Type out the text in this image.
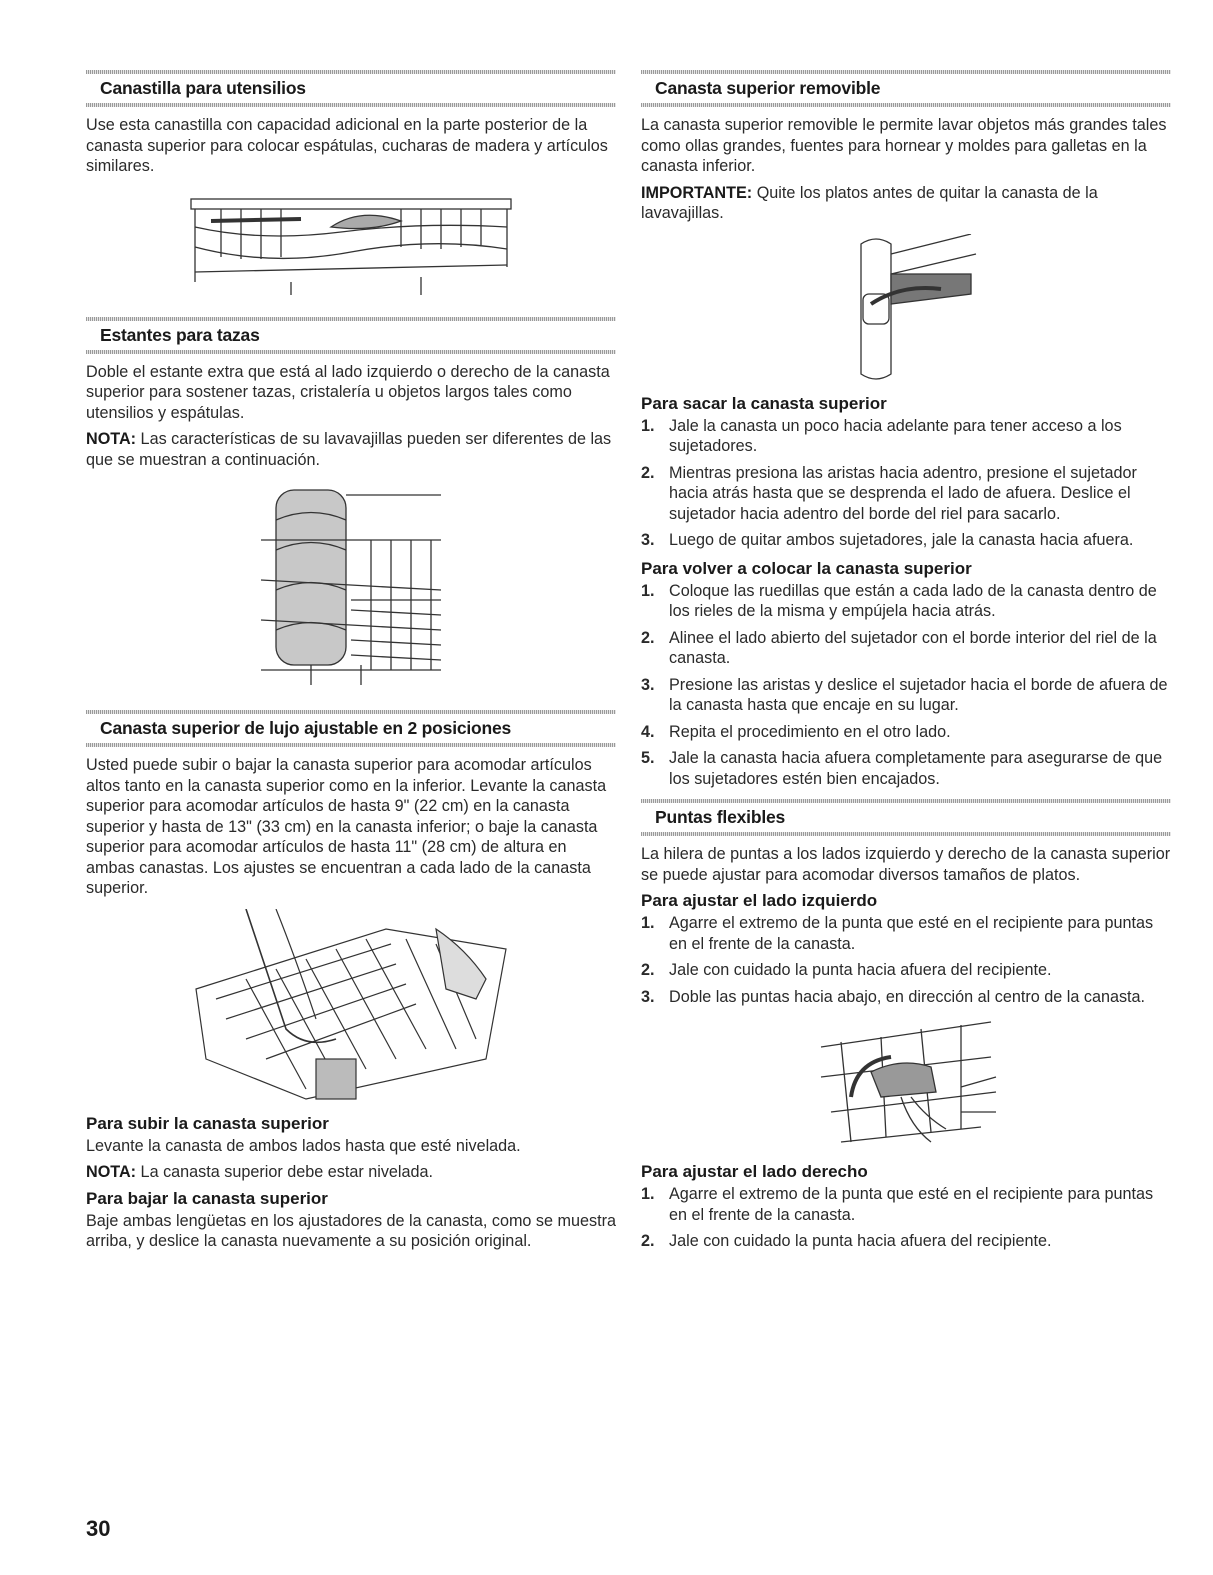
Canastilla para utensilios

Use esta canastilla con capacidad adicional en la parte posterior de la canasta superior para colocar espátulas, cucharas de madera y artículos similares.

Estantes para tazas

Doble el estante extra que está al lado izquierdo o derecho de la canasta superior para sostener tazas, cristalería u objetos largos tales como utensilios y espátulas.

NOTA: Las características de su lavavajillas pueden ser diferentes de las que se muestran a continuación.

Canasta superior de lujo ajustable en 2 posiciones

Usted puede subir o bajar la canasta superior para acomodar artículos altos tanto en la canasta superior como en la inferior. Levante la canasta superior para acomodar artículos de hasta 9" (22 cm) en la canasta superior y hasta de 13" (33 cm) en la canasta inferior; o baje la canasta superior para acomodar artículos de hasta 11" (28 cm) de altura en ambas canastas. Los ajustes se encuentran a cada lado de la canasta superior.

Para subir la canasta superior

Levante la canasta de ambos lados hasta que esté nivelada.

NOTA: La canasta superior debe estar nivelada.

Para bajar la canasta superior

Baje ambas lengüetas en los ajustadores de la canasta, como se muestra arriba, y deslice la canasta nuevamente a su posición original.

Canasta superior removible

La canasta superior removible le permite lavar objetos más grandes tales como ollas grandes, fuentes para hornear y moldes para galletas en la canasta inferior.

IMPORTANTE: Quite los platos antes de quitar la canasta de la lavavajillas.

Para sacar la canasta superior
1. Jale la canasta un poco hacia adelante para tener acceso a los sujetadores.
2. Mientras presiona las aristas hacia adentro, presione el sujetador hacia atrás hasta que se desprenda el lado de afuera. Deslice el sujetador hacia adentro del borde del riel para sacarlo.
3. Luego de quitar ambos sujetadores, jale la canasta hacia afuera.
Para volver a colocar la canasta superior
1. Coloque las ruedillas que están a cada lado de la canasta dentro de los rieles de la misma y empújela hacia atrás.
2. Alinee el lado abierto del sujetador con el borde interior del riel de la canasta.
3. Presione las aristas y deslice el sujetador hacia el borde de afuera de la canasta hasta que encaje en su lugar.
4. Repita el procedimiento en el otro lado.
5. Jale la canasta hacia afuera completamente para asegurarse de que los sujetadores estén bien encajados.
Puntas flexibles

La hilera de puntas a los lados izquierdo y derecho de la canasta superior se puede ajustar para acomodar diversos tamaños de platos.

Para ajustar el lado izquierdo
1. Agarre el extremo de la punta que esté en el recipiente para puntas en el frente de la canasta.
2. Jale con cuidado la punta hacia afuera del recipiente.
3. Doble las puntas hacia abajo, en dirección al centro de la canasta.
Para ajustar el lado derecho
1. Agarre el extremo de la punta que esté en el recipiente para puntas en el frente de la canasta.
2. Jale con cuidado la punta hacia afuera del recipiente.
30
